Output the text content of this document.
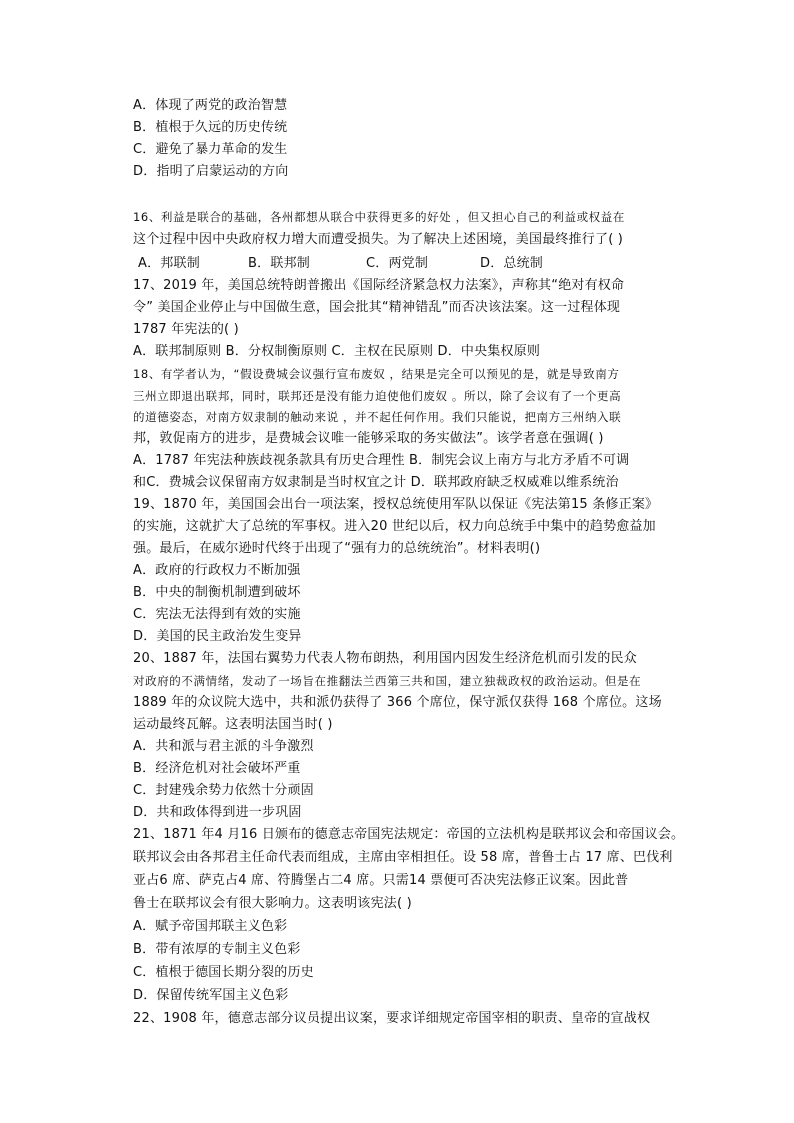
A．体现了两党的政治智慧
B．植根于久远的历史传统
C．避免了暴力革命的发生
D．指明了启蒙运动的方向
16、利益是联合的基础，各州都想从联合中获得更多的好处 ，但又担心自己的利益或权益在
这个过程中因中央政府权力增大而遭受损失。为了解决上述困境，美国最终推行了( )
A．邦联制	B．联邦制	C．两党制	D．总统制
17、2019 年，美国总统特朗普搬出《国际经济紧急权力法案》，声称其“绝对有权命
令” 美国企业停止与中国做生意，国会批其“精神错乱”而否决该法案。这一过程体现
1787 年宪法的( )
A．联邦制原则 B．分权制衡原则 C．主权在民原则 D．中央集权原则
18、有学者认为，“假设费城会议强行宣布废奴 ，结果是完全可以预见的是，就是导致南方
三州立即退出联邦，同时，联邦还是没有能力迫使他们废奴 。所以，除了会议有了一个更高
的道德姿态，对南方奴隶制的触动来说 ，并不起任何作用。我们只能说，把南方三州纳入联
邦，敦促南方的进步，是费城会议唯一能够采取的务实做法”。该学者意在强调( )
A．1787 年宪法种族歧视条款具有历史合理性 B．制宪会议上南方与北方矛盾不可调
和C．费城会议保留南方奴隶制是当时权宜之计 D．联邦政府缺乏权威难以维系统治
19、1870 年，美国国会出台一项法案，授权总统使用军队以保证《宪法第15 条修正案》
的实施，这就扩大了总统的军事权。进入20 世纪以后，权力向总统手中集中的趋势愈益加
强。最后，在威尔逊时代终于出现了“强有力的总统统治”。材料表明()
A．政府的行政权力不断加强
B．中央的制衡机制遭到破坏
C．宪法无法得到有效的实施
D．美国的民主政治发生变异
20、1887 年，法国右翼势力代表人物布朗热，利用国内因发生经济危机而引发的民众
对政府的不满情绪，发动了一场旨在推翻法兰西第三共和国，建立独裁政权的政治运动。但是在
1889 年的众议院大选中，共和派仍获得了 366 个席位，保守派仅获得 168 个席位。这场
运动最终瓦解。这表明法国当时( )
A．共和派与君主派的斗争激烈
B．经济危机对社会破坏严重
C．封建残余势力依然十分顽固
D．共和政体得到进一步巩固
21、1871 年4 月16 日颁布的德意志帝国宪法规定：帝国的立法机构是联邦议会和帝国议会。
联邦议会由各邦君主任命代表而组成，主席由宰相担任。设 58 席，普鲁士占 17 席、巴伐利
亚占6 席、萨克占4 席、符腾堡占二4 席。只需14 票便可否决宪法修正议案。因此普
鲁士在联邦议会有很大影响力。这表明该宪法( )
A．赋予帝国邦联主义色彩
B．带有浓厚的专制主义色彩
C．植根于德国长期分裂的历史
D．保留传统军国主义色彩
22、1908 年，德意志部分议员提出议案，要求详细规定帝国宰相的职责、皇帝的宣战权
